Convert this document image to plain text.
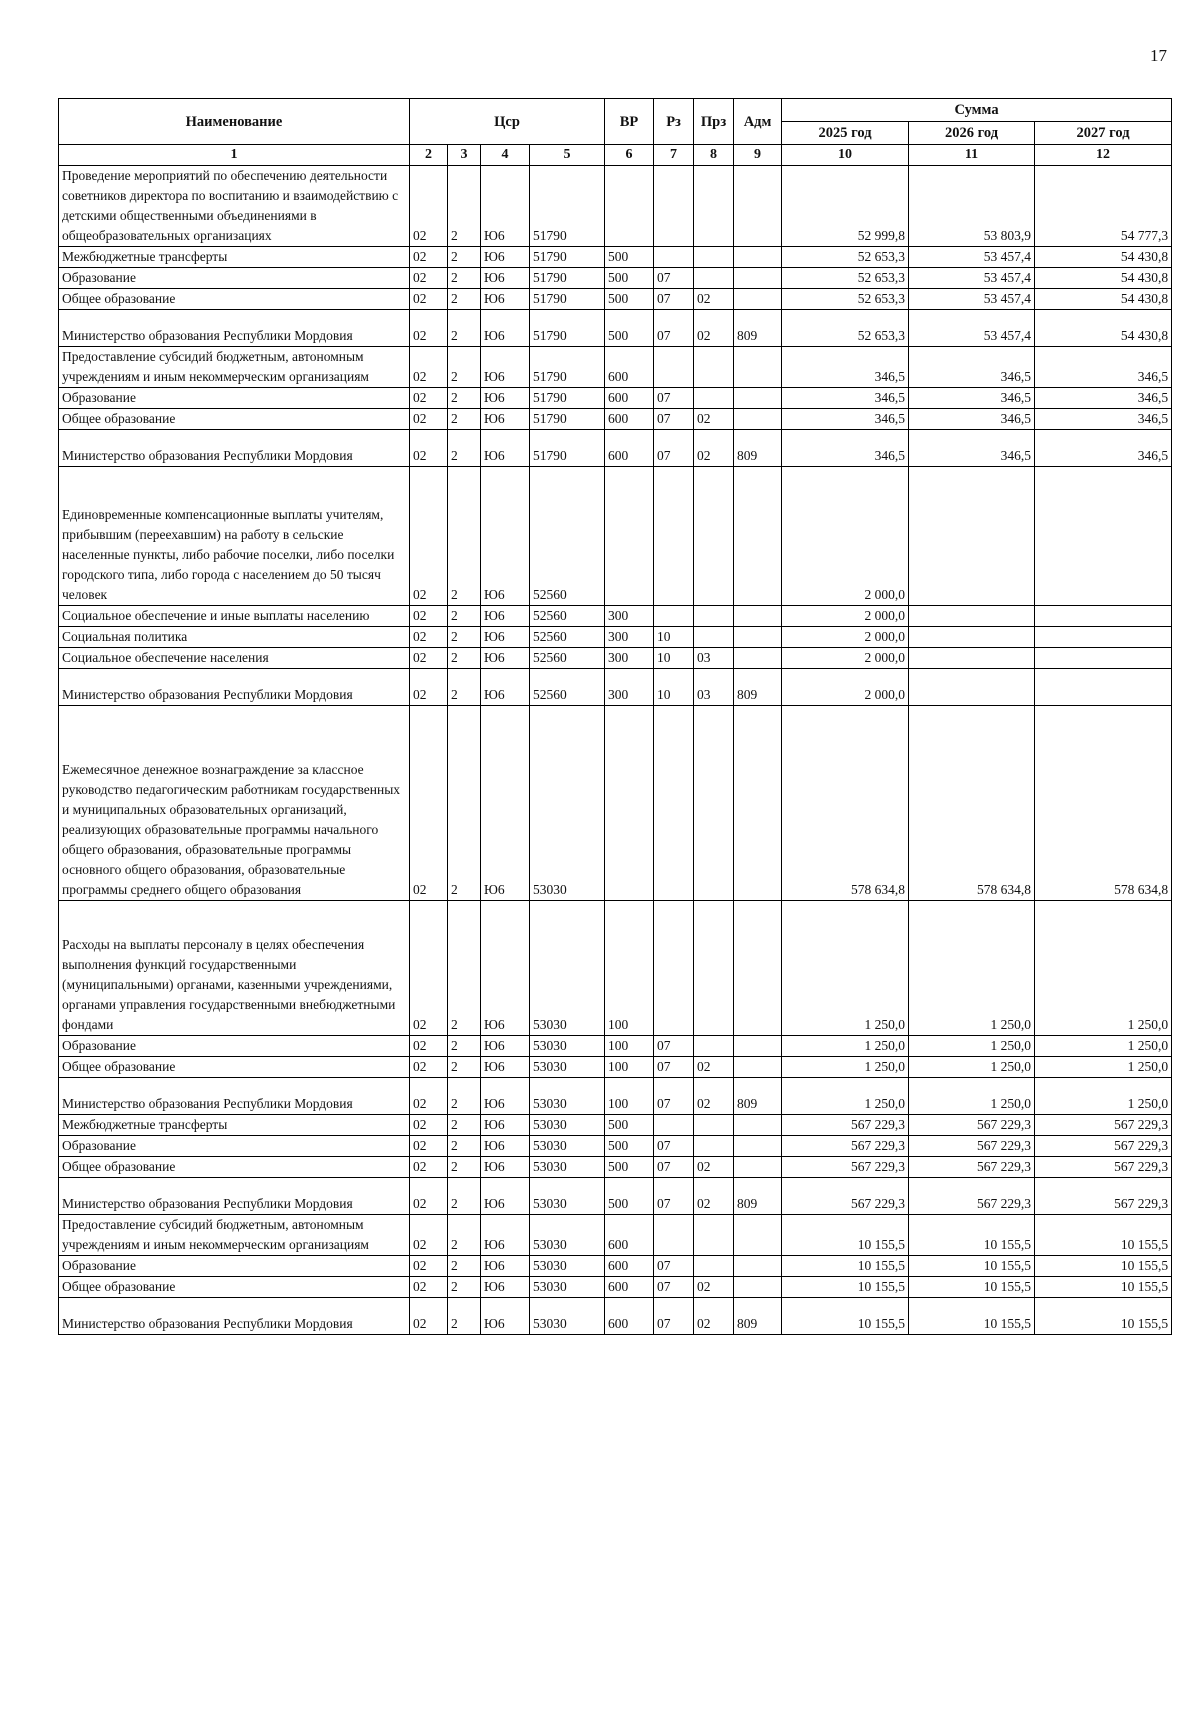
17
Наименование	Цср				ВР	Рз	Прз	Адм	Сумма		
									2025 год	2026 год	2027 год
1	2	3	4	5	6	7	8	9	10	11	12
Проведение мероприятий по обеспечению деятельности советников директора по воспитанию и взаимодействию с детскими общественными объединениями в общеобразовательных организациях	02	2	Ю6	51790					52 999,8	53 803,9	54 777,3
Межбюджетные трансферты	02	2	Ю6	51790	500				52 653,3	53 457,4	54 430,8
Образование	02	2	Ю6	51790	500	07			52 653,3	53 457,4	54 430,8
Общее образование	02	2	Ю6	51790	500	07	02		52 653,3	53 457,4	54 430,8
Министерство образования Республики Мордовия	02	2	Ю6	51790	500	07	02	809	52 653,3	53 457,4	54 430,8
Предоставление субсидий бюджетным, автономным учреждениям и иным некоммерческим организациям	02	2	Ю6	51790	600				346,5	346,5	346,5
Образование	02	2	Ю6	51790	600	07			346,5	346,5	346,5
Общее образование	02	2	Ю6	51790	600	07	02		346,5	346,5	346,5
Министерство образования Республики Мордовия	02	2	Ю6	51790	600	07	02	809	346,5	346,5	346,5
Единовременные компенсационные выплаты учителям, прибывшим (переехавшим) на работу в сельские населенные пункты, либо рабочие поселки, либо поселки городского типа, либо города с населением до 50 тысяч человек	02	2	Ю6	52560					2 000,0		
Социальное обеспечение и иные выплаты населению	02	2	Ю6	52560	300				2 000,0		
Социальная политика	02	2	Ю6	52560	300	10			2 000,0		
Социальное обеспечение населения	02	2	Ю6	52560	300	10	03		2 000,0		
Министерство образования Республики Мордовия	02	2	Ю6	52560	300	10	03	809	2 000,0		
Ежемесячное денежное вознаграждение за классное руководство педагогическим работникам государственных и муниципальных образовательных организаций, реализующих образовательные программы начального общего образования, образовательные программы основного общего образования, образовательные программы среднего общего образования	02	2	Ю6	53030					578 634,8	578 634,8	578 634,8
Расходы на выплаты персоналу в целях обеспечения выполнения функций государственными (муниципальными) органами, казенными учреждениями, органами управления государственными внебюджетными фондами	02	2	Ю6	53030	100				1 250,0	1 250,0	1 250,0
Образование	02	2	Ю6	53030	100	07			1 250,0	1 250,0	1 250,0
Общее образование	02	2	Ю6	53030	100	07	02		1 250,0	1 250,0	1 250,0
Министерство образования Республики Мордовия	02	2	Ю6	53030	100	07	02	809	1 250,0	1 250,0	1 250,0
Межбюджетные трансферты	02	2	Ю6	53030	500				567 229,3	567 229,3	567 229,3
Образование	02	2	Ю6	53030	500	07			567 229,3	567 229,3	567 229,3
Общее образование	02	2	Ю6	53030	500	07	02		567 229,3	567 229,3	567 229,3
Министерство образования Республики Мордовия	02	2	Ю6	53030	500	07	02	809	567 229,3	567 229,3	567 229,3
Предоставление субсидий бюджетным, автономным учреждениям и иным некоммерческим организациям	02	2	Ю6	53030	600				10 155,5	10 155,5	10 155,5
Образование	02	2	Ю6	53030	600	07			10 155,5	10 155,5	10 155,5
Общее образование	02	2	Ю6	53030	600	07	02		10 155,5	10 155,5	10 155,5
Министерство образования Республики Мордовия	02	2	Ю6	53030	600	07	02	809	10 155,5	10 155,5	10 155,5
